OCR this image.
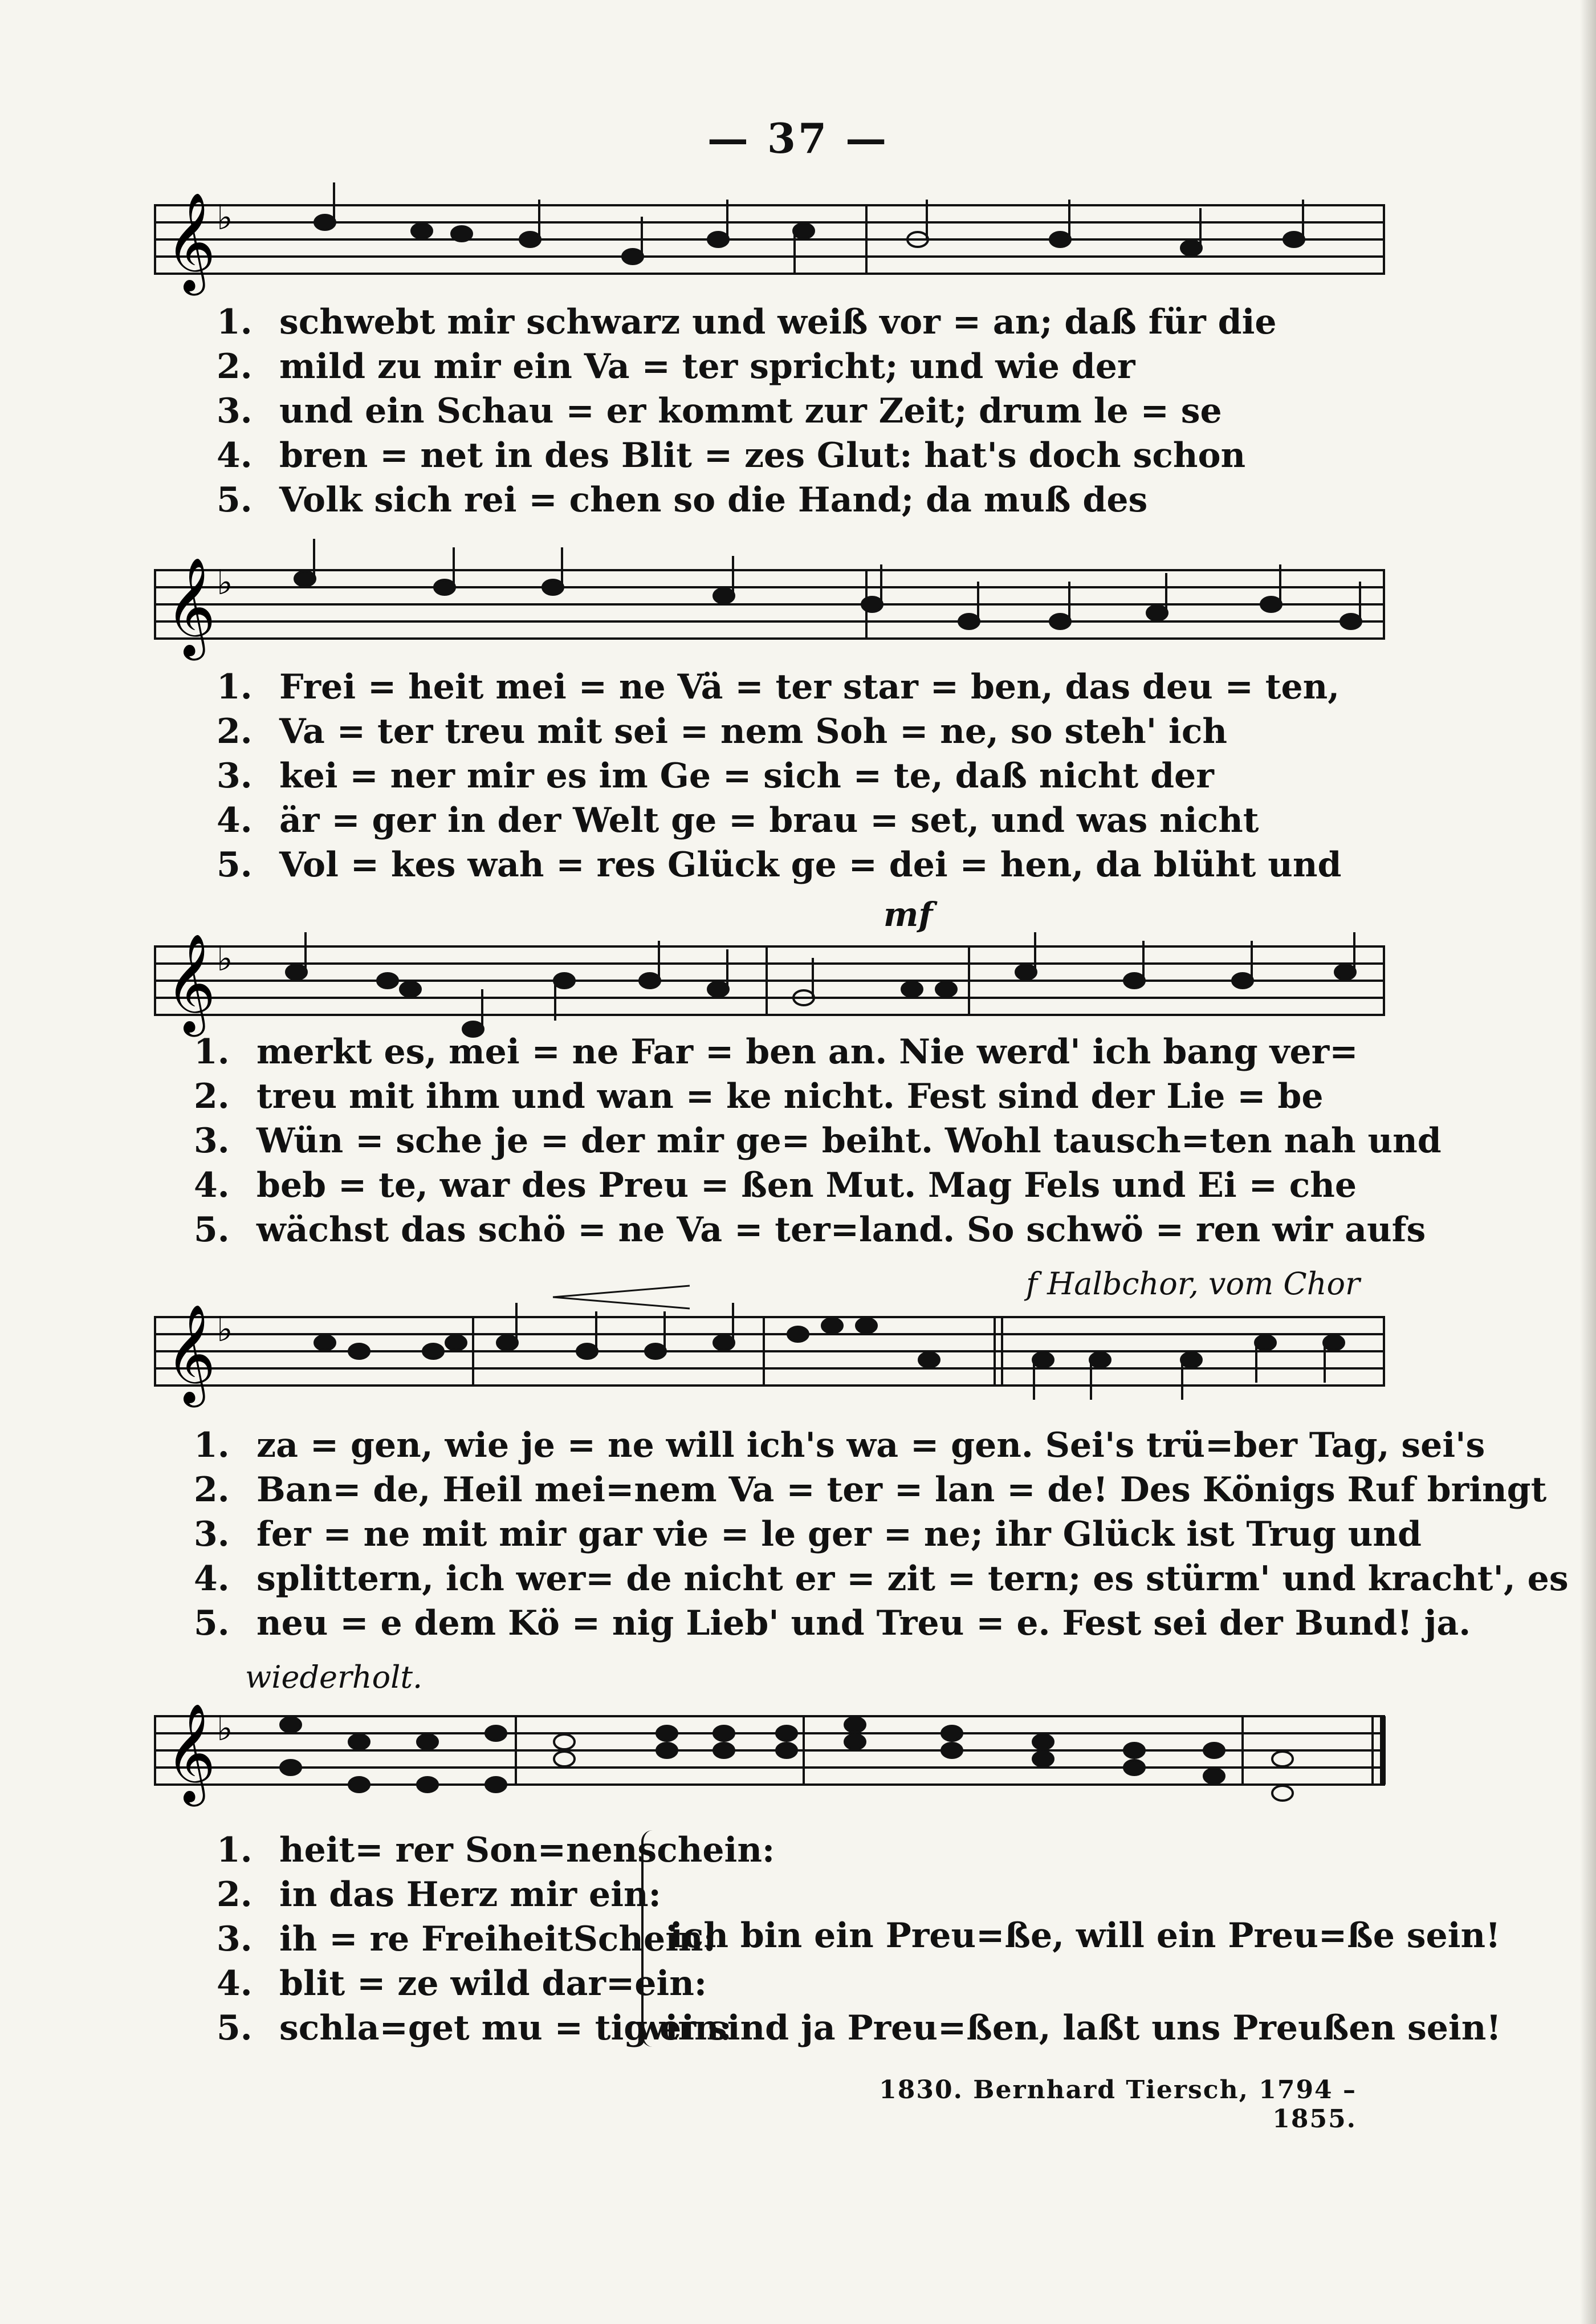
— 37 —
𝄞 ♭
1. schwebt mir schwarz und weiß vor = an; daß für die
2. mild zu mir ein Va = ter spricht; und wie der
3. und ein Schau = er kommt zur Zeit; drum le = se
4. bren = net in des Blit = zes Glut: hat's doch schon
5. Volk sich rei = chen so die Hand; da muß des
𝄞 ♭
1. Frei = heit mei = ne Vä = ter star = ben, das deu = ten,
2. Va = ter treu mit sei = nem Soh = ne, so steh' ich
3. kei = ner mir es im Ge = sich = te, daß nicht der
4. är = ger in der Welt ge = brau = set, und was nicht
5. Vol = kes wah = res Glück ge = dei = hen, da blüht und
mf
𝄞 ♭
1. merkt es, mei = ne Far = ben an. Nie werd' ich bang ver=
2. treu mit ihm und wan = ke nicht. Fest sind der Lie = be
3. Wün = sche je = der mir ge= beiht. Wohl tausch=ten nah und
4. beb = te, war des Preu = ßen Mut. Mag Fels und Ei = che
5. wächst das schö = ne Va = ter=land. So schwö = ren wir aufs
f Halbchor, vom Chor
𝄞 ♭
1. za = gen, wie je = ne will ich's wa = gen. Sei's trü=ber Tag, sei's
2. Ban= de, Heil mei=nem Va = ter = lan = de! Des Königs Ruf bringt
3. fer = ne mit mir gar vie = le ger = ne; ihr Glück ist Trug und
4. splittern, ich wer= de nicht er = zit = tern; es stürm' und kracht', es
5. neu = e dem Kö = nig Lieb' und Treu = e. Fest sei der Bund! ja.
wiederholt.
𝄞 ♭
1. heit= rer Son=nenschein:
2. in das Herz mir ein:
3. ih = re FreiheitSchein:
4. blit = ze wild dar=ein:
5. schla=get mu = tig ein:
ich bin ein Preu=ße, will ein Preu=ße sein!
wir sind ja Preu=ßen, laßt uns Preußen sein!
1830. Bernhard Tiersch, 1794 – 1855.
